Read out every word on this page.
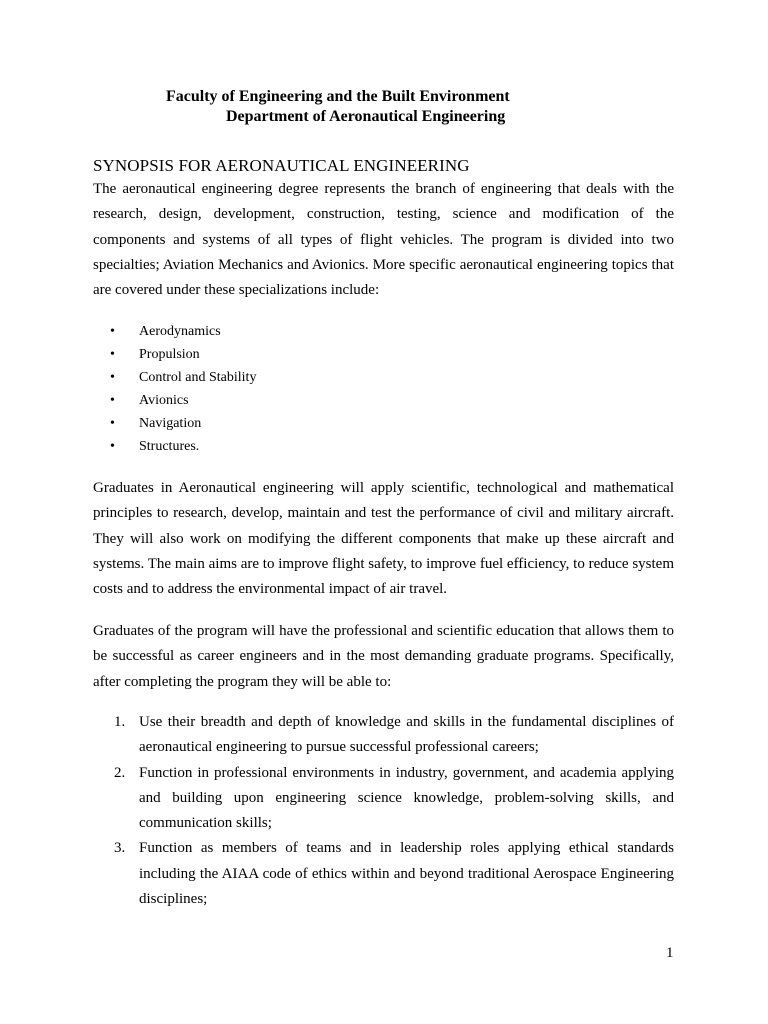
Faculty of Engineering and the Built Environment
Department of Aeronautical Engineering
SYNOPSIS FOR AERONAUTICAL ENGINEERING

The aeronautical engineering degree represents the branch of engineering that deals with the research, design, development, construction, testing, science and modification of the components and systems of all types of flight vehicles. The program is divided into two specialties; Aviation Mechanics and Avionics. More specific aeronautical engineering topics that are covered under these specializations include:

• Aerodynamics
• Propulsion
• Control and Stability
• Avionics
• Navigation
• Structures.

Graduates in Aeronautical engineering will apply scientific, technological and mathematical principles to research, develop, maintain and test the performance of civil and military aircraft. They will also work on modifying the different components that make up these aircraft and systems. The main aims are to improve flight safety, to improve fuel efficiency, to reduce system costs and to address the environmental impact of air travel.

Graduates of the program will have the professional and scientific education that allows them to be successful as career engineers and in the most demanding graduate programs. Specifically, after completing the program they will be able to:

1. Use their breadth and depth of knowledge and skills in the fundamental disciplines of aeronautical engineering to pursue successful professional careers;
2. Function in professional environments in industry, government, and academia applying and building upon engineering science knowledge, problem-solving skills, and communication skills;
3. Function as members of teams and in leadership roles applying ethical standards including the AIAA code of ethics within and beyond traditional Aerospace Engineering disciplines;
1
